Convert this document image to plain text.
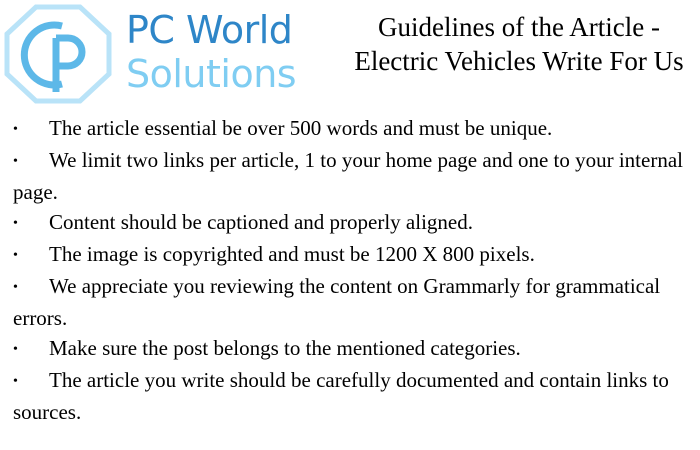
PC World
Solutions
Guidelines of the Article -
Electric Vehicles Write For Us
• The article essential be over 500 words and must be unique.
• We limit two links per article, 1 to your home page and one to your internal page.
• Content should be captioned and properly aligned.
• The image is copyrighted and must be 1200 X 800 pixels.
• We appreciate you reviewing the content on Grammarly for grammatical errors.
• Make sure the post belongs to the mentioned categories.
• The article you write should be carefully documented and contain links to sources.
